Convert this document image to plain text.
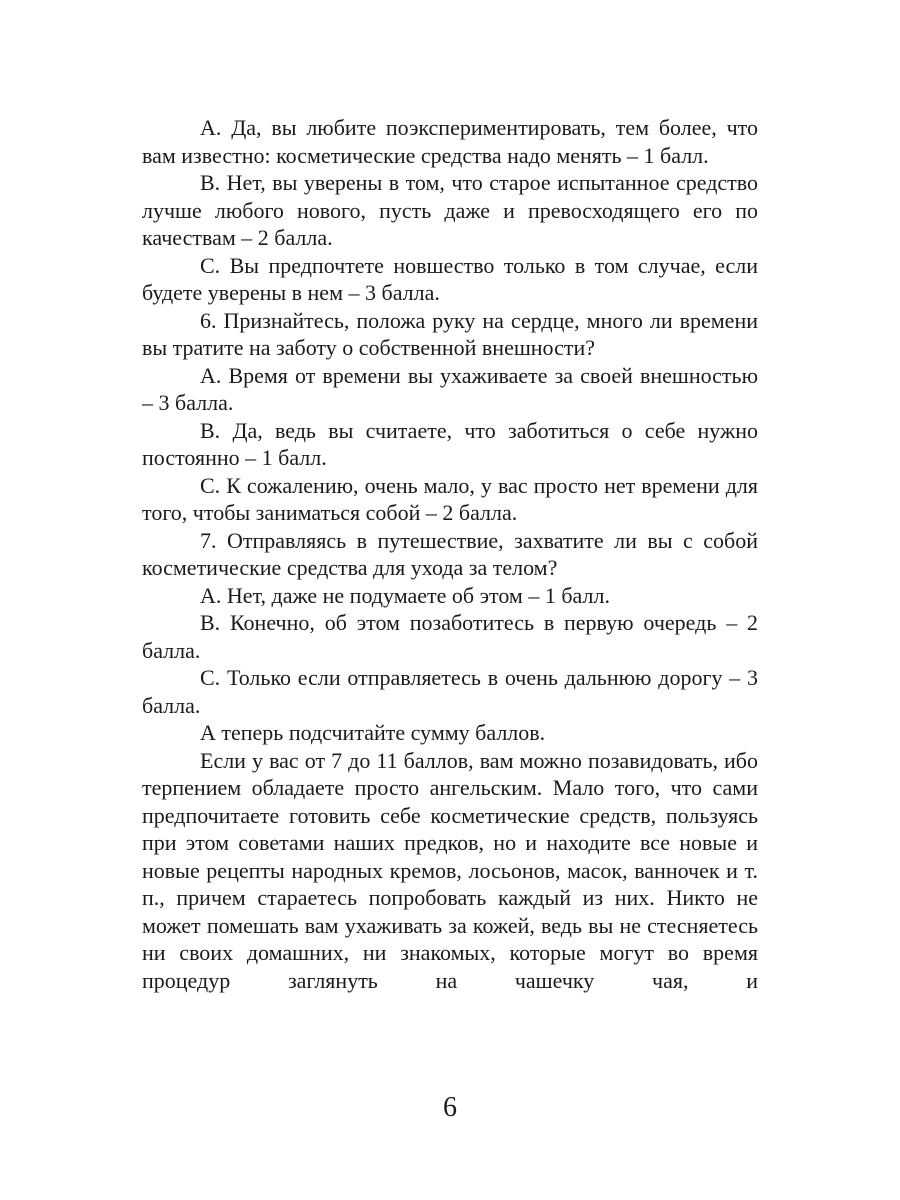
А. Да, вы любите поэкспериментировать, тем более, что вам известно: косметические средства надо менять – 1 балл.

В. Нет, вы уверены в том, что старое испытанное средство лучше любого нового, пусть даже и превосходящего его по качествам – 2 балла.

С. Вы предпочтете новшество только в том случае, если будете уверены в нем – 3 балла.

6. Признайтесь, положа руку на сердце, много ли времени вы тратите на заботу о собственной внешности?

А. Время от времени вы ухаживаете за своей внешностью – 3 балла.

В. Да, ведь вы считаете, что заботиться о себе нужно постоянно – 1 балл.

С. К сожалению, очень мало, у вас просто нет времени для того, чтобы заниматься собой – 2 балла.

7. Отправляясь в путешествие, захватите ли вы с собой косметические средства для ухода за телом?

А. Нет, даже не подумаете об этом – 1 балл.

В. Конечно, об этом позаботитесь в первую очередь – 2 балла.

С. Только если отправляетесь в очень дальнюю дорогу – 3 балла.

А теперь подсчитайте сумму баллов.

Если у вас от 7 до 11 баллов, вам можно позавидовать, ибо терпением обладаете просто ангельским. Мало того, что сами предпочитаете готовить себе косметические средств, пользуясь при этом советами наших предков, но и находите все новые и новые рецепты народных кремов, лосьонов, масок, ванночек и т. п., причем стараетесь попробовать каждый из них. Никто не может помешать вам ухаживать за кожей, ведь вы не стесняетесь ни своих домашних, ни знакомых, которые могут во время процедур заглянуть на чашечку чая, и

6
